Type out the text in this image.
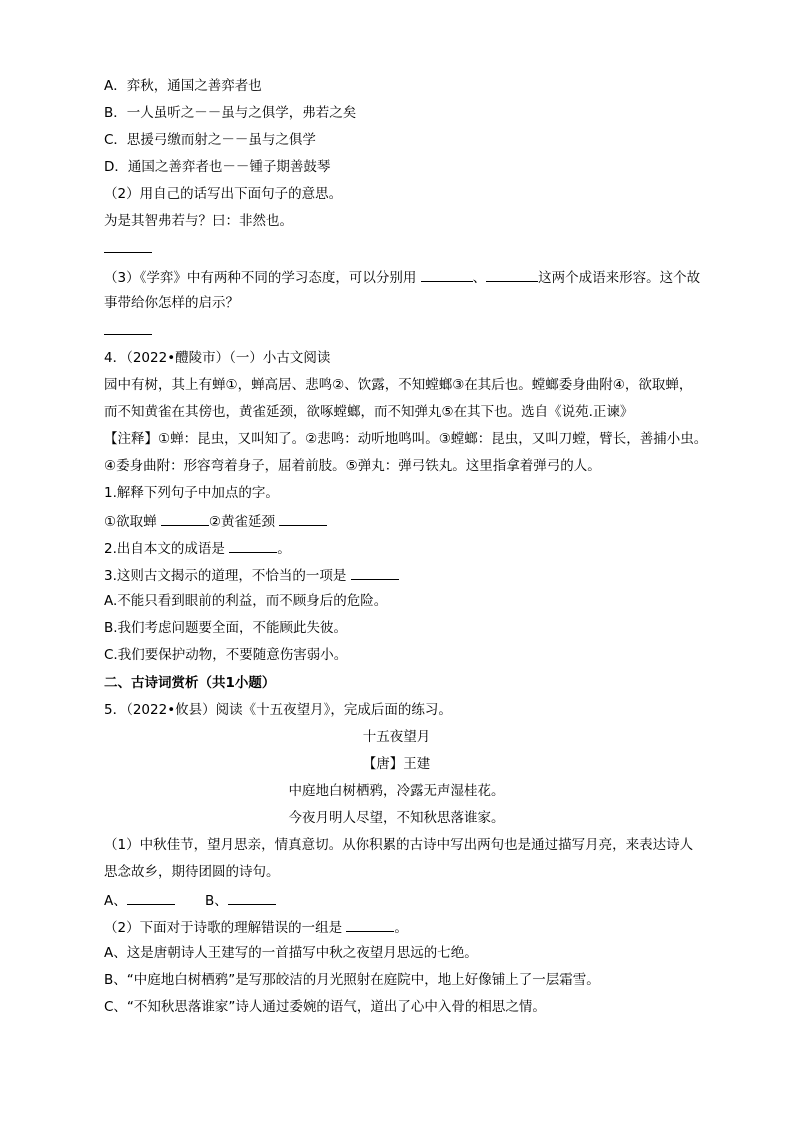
A．弈秋，通国之善弈者也
B．一人虽听之－－虽与之俱学，弗若之矣
C．思援弓缴而射之－－虽与之俱学
D．通国之善弈者也－－锺子期善鼓琴
（2）用自己的话写出下面句子的意思。
为是其智弗若与？曰：非然也。
（3）《学弈》中有两种不同的学习态度，可以分别用	、	这两个成语来形容。这个故
事带给你怎样的启示？
4．（2022•醴陵市）（一）小古文阅读
园中有树，其上有蝉①，蝉高居、悲鸣②、饮露，不知螳螂③在其后也。螳螂委身曲附④，欲取蝉，
而不知黄雀在其傍也，黄雀延颈，欲啄螳螂，而不知弹丸⑤在其下也。选自《说苑.正谏》
【注释】①蝉：昆虫，又叫知了。②悲鸣：动听地鸣叫。③螳螂：昆虫，又叫刀螳，臂长，善捕小虫。
④委身曲附：形容弯着身子，屈着前肢。⑤弹丸：弹弓铁丸。这里指拿着弹弓的人。
1.解释下列句子中加点的字。
①欲取蝉	②黄雀延颈
2.出自本文的成语是	。
3.这则古文揭示的道理，不恰当的一项是
A.不能只看到眼前的利益，而不顾身后的危险。
B.我们考虑问题要全面，不能顾此失彼。
C.我们要保护动物，不要随意伤害弱小。
二、古诗词赏析（共1小题）
5．（2022•攸县）阅读《十五夜望月》，完成后面的练习。
十五夜望月
【唐】王建
中庭地白树栖鸦，冷露无声湿桂花。
今夜月明人尽望，不知秋思落谁家。
（1）中秋佳节，望月思亲，情真意切。从你积累的古诗中写出两句也是通过描写月亮，来表达诗人
思念故乡，期待团圆的诗句。
A、	B、
（2）下面对于诗歌的理解错误的一组是	。
A、这是唐朝诗人王建写的一首描写中秋之夜望月思远的七绝。
B、“中庭地白树栖鸦”是写那皎洁的月光照射在庭院中，地上好像铺上了一层霜雪。
C、“不知秋思落谁家”诗人通过委婉的语气，道出了心中入骨的相思之情。
